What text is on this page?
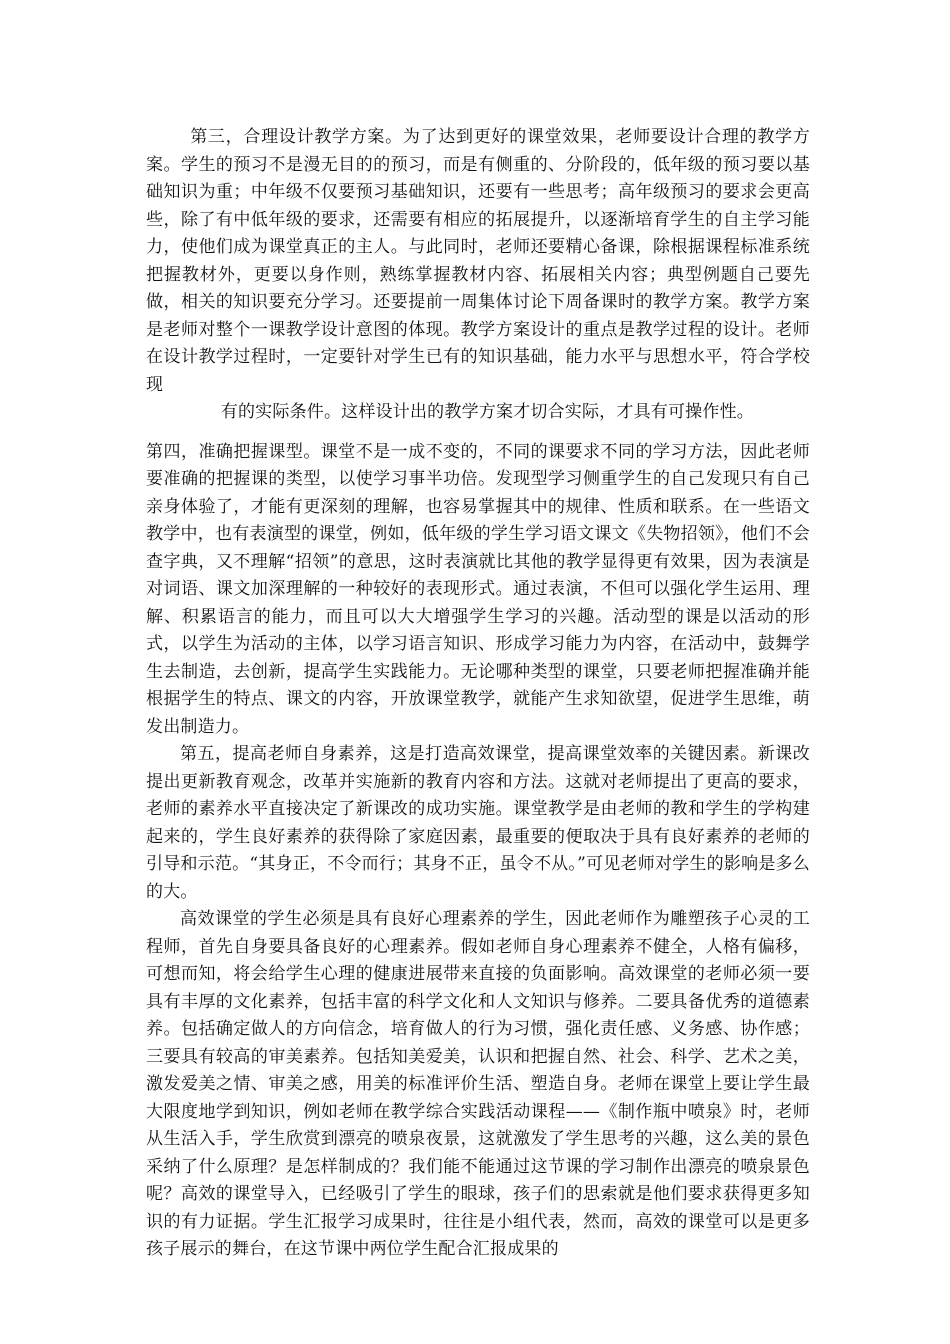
第三，合理设计教学方案。为了达到更好的课堂效果，老师要设计合理的教学方案。学生的预习不是漫无目的的预习，而是有侧重的、分阶段的，低年级的预习要以基础知识为重；中年级不仅要预习基础知识，还要有一些思考；高年级预习的要求会更高些，除了有中低年级的要求，还需要有相应的拓展提升，以逐渐培育学生的自主学习能力，使他们成为课堂真正的主人。与此同时，老师还要精心备课，除根据课程标准系统把握教材外，更要以身作则，熟练掌握教材内容、拓展相关内容；典型例题自己要先做，相关的知识要充分学习。还要提前一周集体讨论下周备课时的教学方案。教学方案是老师对整个一课教学设计意图的体现。教学方案设计的重点是教学过程的设计。老师在设计教学过程时，一定要针对学生已有的知识基础，能力水平与思想水平，符合学校现
有的实际条件。这样设计出的教学方案才切合实际，才具有可操作性。

第四，准确把握课型。课堂不是一成不变的，不同的课要求不同的学习方法，因此老师要准确的把握课的类型，以使学习事半功倍。发现型学习侧重学生的自己发现只有自己亲身体验了，才能有更深刻的理解，也容易掌握其中的规律、性质和联系。在一些语文教学中，也有表演型的课堂，例如，低年级的学生学习语文课文《失物招领》，他们不会查字典，又不理解“招领”的意思，这时表演就比其他的教学显得更有效果，因为表演是对词语、课文加深理解的一种较好的表现形式。通过表演，不但可以强化学生运用、理解、积累语言的能力，而且可以大大增强学生学习的兴趣。活动型的课是以活动的形式，以学生为活动的主体，以学习语言知识、形成学习能力为内容，在活动中，鼓舞学生去制造，去创新，提高学生实践能力。无论哪种类型的课堂，只要老师把握准确并能根据学生的特点、课文的内容，开放课堂教学，就能产生求知欲望，促进学生思维，萌发出制造力。

第五，提高老师自身素养，这是打造高效课堂，提高课堂效率的关键因素。新课改提出更新教育观念，改革并实施新的教育内容和方法。这就对老师提出了更高的要求，老师的素养水平直接决定了新课改的成功实施。课堂教学是由老师的教和学生的学构建起来的，学生良好素养的获得除了家庭因素，最重要的便取决于具有良好素养的老师的引导和示范。“其身正，不令而行；其身不正，虽令不从。”可见老师对学生的影响是多么的大。

高效课堂的学生必须是具有良好心理素养的学生，因此老师作为雕塑孩子心灵的工程师，首先自身要具备良好的心理素养。假如老师自身心理素养不健全，人格有偏移，可想而知，将会给学生心理的健康进展带来直接的负面影响。高效课堂的老师必须一要具有丰厚的文化素养，包括丰富的科学文化和人文知识与修养。二要具备优秀的道德素养。包括确定做人的方向信念，培育做人的行为习惯，强化责任感、义务感、协作感；三要具有较高的审美素养。包括知美爱美，认识和把握自然、社会、科学、艺术之美，激发爱美之情、审美之感，用美的标准评价生活、塑造自身。老师在课堂上要让学生最大限度地学到知识，例如老师在教学综合实践活动课程——《制作瓶中喷泉》时，老师从生活入手，学生欣赏到漂亮的喷泉夜景，这就激发了学生思考的兴趣，这么美的景色采纳了什么原理？是怎样制成的？我们能不能通过这节课的学习制作出漂亮的喷泉景色呢？高效的课堂导入，已经吸引了学生的眼球，孩子们的思索就是他们要求获得更多知识的有力证据。学生汇报学习成果时，往往是小组代表，然而，高效的课堂可以是更多孩子展示的舞台，在这节课中两位学生配合汇报成果的
